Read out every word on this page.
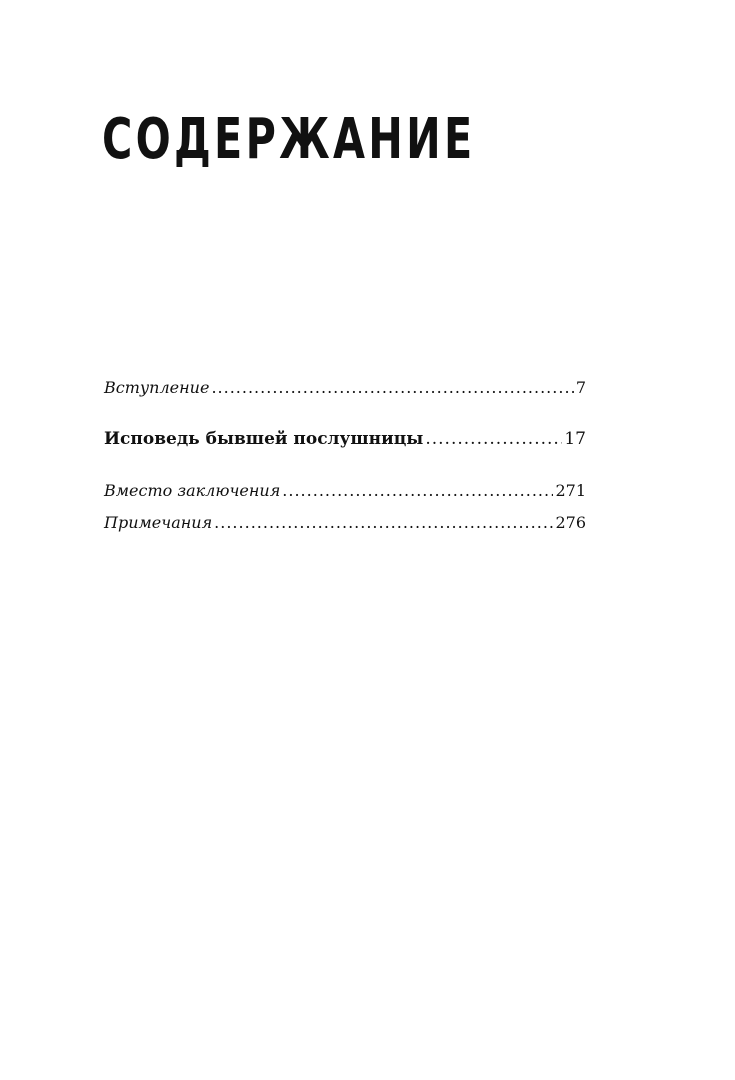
СОДЕРЖАНИЕ
Вступление .....	7
Исповедь бывшей послушницы .....	17
Вместо заключения .....	271
Примечания .....	276
